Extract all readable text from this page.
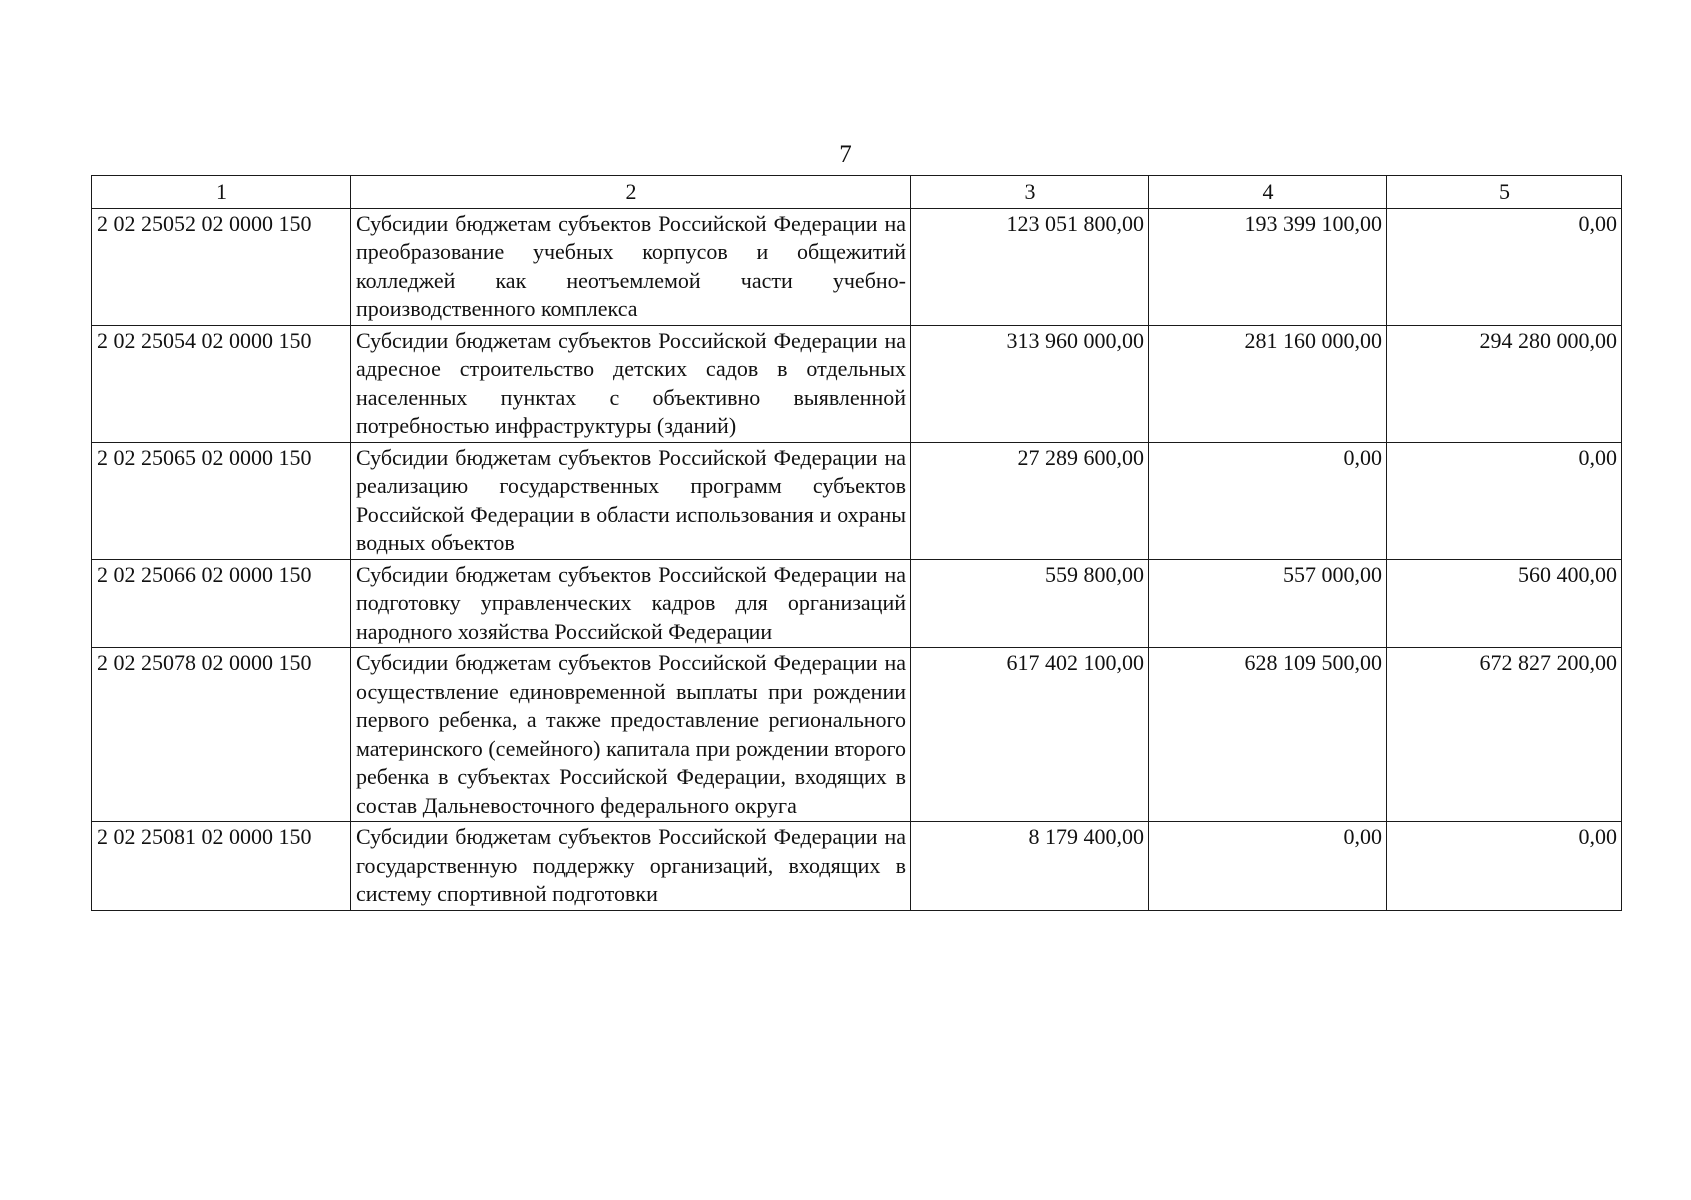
7
1	2	3	4	5
2 02 25052 02 0000 150	Субсидии бюджетам субъектов Российской Федерации на преобразование учебных корпусов и общежитий колледжей как неотъемлемой части учебно-производственного комплекса	123 051 800,00	193 399 100,00	0,00
2 02 25054 02 0000 150	Субсидии бюджетам субъектов Российской Федерации на адресное строительство детских садов в отдельных населенных пунктах с объективно выявленной потребностью инфраструктуры (зданий)	313 960 000,00	281 160 000,00	294 280 000,00
2 02 25065 02 0000 150	Субсидии бюджетам субъектов Российской Федерации на реализацию государственных программ субъектов Российской Федерации в области использования и охраны водных объектов	27 289 600,00	0,00	0,00
2 02 25066 02 0000 150	Субсидии бюджетам субъектов Российской Федерации на подготовку управленческих кадров для организаций народного хозяйства Российской Федерации	559 800,00	557 000,00	560 400,00
2 02 25078 02 0000 150	Субсидии бюджетам субъектов Российской Федерации на осуществление единовременной выплаты при рождении первого ребенка, а также предоставление регионального материнского (семейного) капитала при рождении второго ребенка в субъектах Российской Федерации, входящих в состав Дальневосточного федерального округа	617 402 100,00	628 109 500,00	672 827 200,00
2 02 25081 02 0000 150	Субсидии бюджетам субъектов Российской Федерации на государственную поддержку организаций, входящих в систему спортивной подготовки	8 179 400,00	0,00	0,00
